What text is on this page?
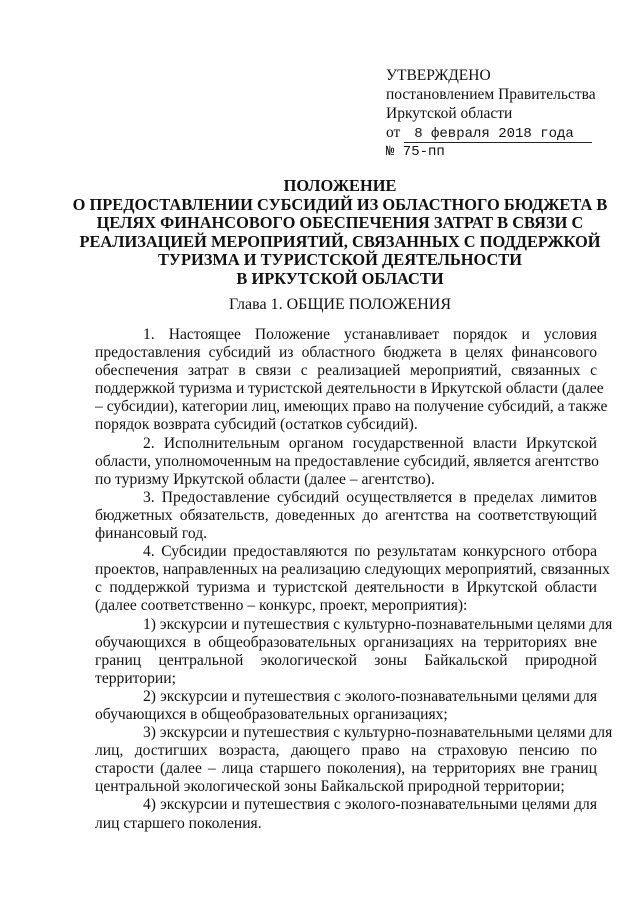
УТВЕРЖДЕНО
постановлением Правительства
Иркутской области
от 8 февраля 2018 года
№ 75-пп
ПОЛОЖЕНИЕ
О ПРЕДОСТАВЛЕНИИ СУБСИДИЙ ИЗ ОБЛАСТНОГО БЮДЖЕТА В
ЦЕЛЯХ ФИНАНСОВОГО ОБЕСПЕЧЕНИЯ ЗАТРАТ В СВЯЗИ С
РЕАЛИЗАЦИЕЙ МЕРОПРИЯТИЙ, СВЯЗАННЫХ С ПОДДЕРЖКОЙ
ТУРИЗМА И ТУРИСТСКОЙ ДЕЯТЕЛЬНОСТИ
В ИРКУТСКОЙ ОБЛАСТИ
Глава 1. ОБЩИЕ ПОЛОЖЕНИЯ
1. Настоящее Положение устанавливает порядок и условия
предоставления субсидий из областного бюджета в целях финансового
обеспечения затрат в связи с реализацией мероприятий, связанных с
поддержкой туризма и туристской деятельности в Иркутской области (далее
– субсидии), категории лиц, имеющих право на получение субсидий, а также
порядок возврата субсидий (остатков субсидий).
2. Исполнительным органом государственной власти Иркутской
области, уполномоченным на предоставление субсидий, является агентство
по туризму Иркутской области (далее – агентство).
3. Предоставление субсидий осуществляется в пределах лимитов
бюджетных обязательств, доведенных до агентства на соответствующий
финансовый год.
4. Субсидии предоставляются по результатам конкурсного отбора
проектов, направленных на реализацию следующих мероприятий, связанных
с поддержкой туризма и туристской деятельности в Иркутской области
(далее соответственно – конкурс, проект, мероприятия):
1) экскурсии и путешествия с культурно-познавательными целями для
обучающихся в общеобразовательных организациях на территориях вне
границ центральной экологической зоны Байкальской природной
территории;
2) экскурсии и путешествия с эколого-познавательными целями для
обучающихся в общеобразовательных организациях;
3) экскурсии и путешествия с культурно-познавательными целями для
лиц, достигших возраста, дающего право на страховую пенсию по
старости (далее – лица старшего поколения), на территориях вне границ
центральной экологической зоны Байкальской природной территории;
4) экскурсии и путешествия с эколого-познавательными целями для
лиц старшего поколения.
